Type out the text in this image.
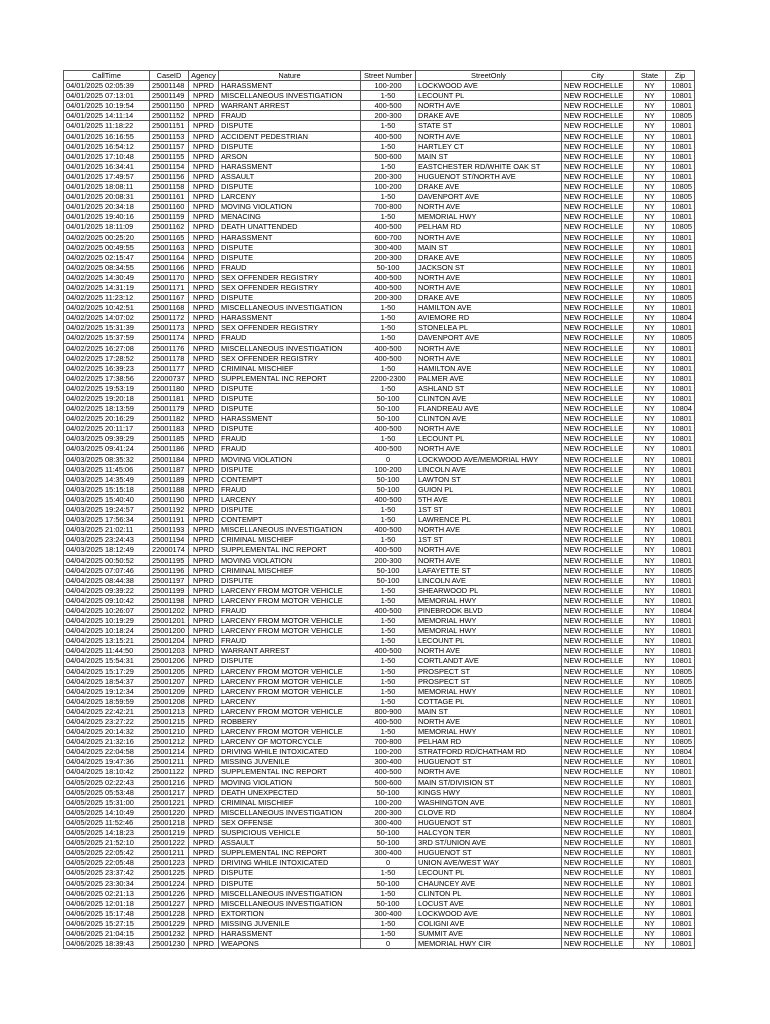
CallTime	CaseID	Agency	Nature	Street Number	StreetOnly	City	State	Zip
04/01/2025 02:05:39	25001148	NPRD	HARASSMENT	100-200	LOCKWOOD AVE	NEW ROCHELLE	NY	10801
04/01/2025 07:13:01	25001149	NPRD	MISCELLANEOUS INVESTIGATION	1-50	LECOUNT PL	NEW ROCHELLE	NY	10801
04/01/2025 10:19:54	25001150	NPRD	WARRANT ARREST	400-500	NORTH AVE	NEW ROCHELLE	NY	10801
04/01/2025 14:11:14	25001152	NPRD	FRAUD	200-300	DRAKE AVE	NEW ROCHELLE	NY	10805
04/01/2025 11:18:22	25001151	NPRD	DISPUTE	1-50	STATE ST	NEW ROCHELLE	NY	10801
04/01/2025 16:16:55	25001153	NPRD	ACCIDENT PEDESTRIAN	400-500	NORTH AVE	NEW ROCHELLE	NY	10801
04/01/2025 16:54:12	25001157	NPRD	DISPUTE	1-50	HARTLEY CT	NEW ROCHELLE	NY	10801
04/01/2025 17:10:48	25001155	NPRD	ARSON	500-600	MAIN ST	NEW ROCHELLE	NY	10801
04/01/2025 16:34:41	25001154	NPRD	HARASSMENT	1-50	EASTCHESTER RD/WHITE OAK ST	NEW ROCHELLE	NY	10801
04/01/2025 17:49:57	25001156	NPRD	ASSAULT	200-300	HUGUENOT ST/NORTH AVE	NEW ROCHELLE	NY	10801
04/01/2025 18:08:11	25001158	NPRD	DISPUTE	100-200	DRAKE AVE	NEW ROCHELLE	NY	10805
04/01/2025 20:08:31	25001161	NPRD	LARCENY	1-50	DAVENPORT AVE	NEW ROCHELLE	NY	10805
04/01/2025 20:34:18	25001160	NPRD	MOVING VIOLATION	700-800	NORTH AVE	NEW ROCHELLE	NY	10801
04/01/2025 19:40:16	25001159	NPRD	MENACING	1-50	MEMORIAL HWY	NEW ROCHELLE	NY	10801
04/01/2025 18:11:09	25001162	NPRD	DEATH UNATTENDED	400-500	PELHAM RD	NEW ROCHELLE	NY	10805
04/02/2025 00:25:20	25001165	NPRD	HARASSMENT	600-700	NORTH AVE	NEW ROCHELLE	NY	10801
04/02/2025 00:49:55	25001163	NPRD	DISPUTE	300-400	MAIN ST	NEW ROCHELLE	NY	10801
04/02/2025 02:15:47	25001164	NPRD	DISPUTE	200-300	DRAKE AVE	NEW ROCHELLE	NY	10805
04/02/2025 08:34:55	25001166	NPRD	FRAUD	50-100	JACKSON ST	NEW ROCHELLE	NY	10801
04/02/2025 14:30:49	25001170	NPRD	SEX OFFENDER REGISTRY	400-500	NORTH AVE	NEW ROCHELLE	NY	10801
04/02/2025 14:31:19	25001171	NPRD	SEX OFFENDER REGISTRY	400-500	NORTH AVE	NEW ROCHELLE	NY	10801
04/02/2025 11:23:12	25001167	NPRD	DISPUTE	200-300	DRAKE AVE	NEW ROCHELLE	NY	10805
04/02/2025 10:42:51	25001168	NPRD	MISCELLANEOUS INVESTIGATION	1-50	HAMILTON AVE	NEW ROCHELLE	NY	10801
04/02/2025 14:07:02	25001172	NPRD	HARASSMENT	1-50	AVIEMORE RD	NEW ROCHELLE	NY	10804
04/02/2025 15:31:39	25001173	NPRD	SEX OFFENDER REGISTRY	1-50	STONELEA PL	NEW ROCHELLE	NY	10801
04/02/2025 15:37:59	25001174	NPRD	FRAUD	1-50	DAVENPORT AVE	NEW ROCHELLE	NY	10805
04/02/2025 16:27:08	25001176	NPRD	MISCELLANEOUS INVESTIGATION	400-500	NORTH AVE	NEW ROCHELLE	NY	10801
04/02/2025 17:28:52	25001178	NPRD	SEX OFFENDER REGISTRY	400-500	NORTH AVE	NEW ROCHELLE	NY	10801
04/02/2025 16:39:23	25001177	NPRD	CRIMINAL MISCHIEF	1-50	HAMILTON AVE	NEW ROCHELLE	NY	10801
04/02/2025 17:38:56	22000737	NPRD	SUPPLEMENTAL INC REPORT	2200-2300	PALMER AVE	NEW ROCHELLE	NY	10801
04/02/2025 19:53:19	25001180	NPRD	DISPUTE	1-50	ASHLAND ST	NEW ROCHELLE	NY	10801
04/02/2025 19:20:18	25001181	NPRD	DISPUTE	50-100	CLINTON AVE	NEW ROCHELLE	NY	10801
04/02/2025 18:13:59	25001179	NPRD	DISPUTE	50-100	FLANDREAU AVE	NEW ROCHELLE	NY	10804
04/02/2025 20:16:29	25001182	NPRD	HARASSMENT	50-100	CLINTON AVE	NEW ROCHELLE	NY	10801
04/02/2025 20:11:17	25001183	NPRD	DISPUTE	400-500	NORTH AVE	NEW ROCHELLE	NY	10801
04/03/2025 09:39:29	25001185	NPRD	FRAUD	1-50	LECOUNT PL	NEW ROCHELLE	NY	10801
04/03/2025 09:41:24	25001186	NPRD	FRAUD	400-500	NORTH AVE	NEW ROCHELLE	NY	10801
04/03/2025 08:35:32	25001184	NPRD	MOVING VIOLATION	0	LOCKWOOD AVE/MEMORIAL HWY	NEW ROCHELLE	NY	10801
04/03/2025 11:45:06	25001187	NPRD	DISPUTE	100-200	LINCOLN AVE	NEW ROCHELLE	NY	10801
04/03/2025 14:35:49	25001189	NPRD	CONTEMPT	50-100	LAWTON ST	NEW ROCHELLE	NY	10801
04/03/2025 15:15:18	25001188	NPRD	FRAUD	50-100	GUION PL	NEW ROCHELLE	NY	10801
04/03/2025 15:40:40	25001190	NPRD	LARCENY	400-500	5TH AVE	NEW ROCHELLE	NY	10801
04/03/2025 19:24:57	25001192	NPRD	DISPUTE	1-50	1ST ST	NEW ROCHELLE	NY	10801
04/03/2025 17:56:34	25001191	NPRD	CONTEMPT	1-50	LAWRENCE PL	NEW ROCHELLE	NY	10801
04/03/2025 21:02:11	25001193	NPRD	MISCELLANEOUS INVESTIGATION	400-500	NORTH AVE	NEW ROCHELLE	NY	10801
04/03/2025 23:24:43	25001194	NPRD	CRIMINAL MISCHIEF	1-50	1ST ST	NEW ROCHELLE	NY	10801
04/03/2025 18:12:49	22000174	NPRD	SUPPLEMENTAL INC REPORT	400-500	NORTH AVE	NEW ROCHELLE	NY	10801
04/04/2025 00:50:52	25001195	NPRD	MOVING VIOLATION	200-300	NORTH AVE	NEW ROCHELLE	NY	10801
04/04/2025 07:07:46	25001196	NPRD	CRIMINAL MISCHIEF	50-100	LAFAYETTE ST	NEW ROCHELLE	NY	10805
04/04/2025 08:44:38	25001197	NPRD	DISPUTE	50-100	LINCOLN AVE	NEW ROCHELLE	NY	10801
04/04/2025 09:39:22	25001199	NPRD	LARCENY FROM MOTOR VEHICLE	1-50	SHEARWOOD PL	NEW ROCHELLE	NY	10801
04/04/2025 09:10:42	25001198	NPRD	LARCENY FROM MOTOR VEHICLE	1-50	MEMORIAL HWY	NEW ROCHELLE	NY	10801
04/04/2025 10:26:07	25001202	NPRD	FRAUD	400-500	PINEBROOK BLVD	NEW ROCHELLE	NY	10804
04/04/2025 10:19:29	25001201	NPRD	LARCENY FROM MOTOR VEHICLE	1-50	MEMORIAL HWY	NEW ROCHELLE	NY	10801
04/04/2025 10:18:24	25001200	NPRD	LARCENY FROM MOTOR VEHICLE	1-50	MEMORIAL HWY	NEW ROCHELLE	NY	10801
04/04/2025 13:15:21	25001204	NPRD	FRAUD	1-50	LECOUNT PL	NEW ROCHELLE	NY	10801
04/04/2025 11:44:50	25001203	NPRD	WARRANT ARREST	400-500	NORTH AVE	NEW ROCHELLE	NY	10801
04/04/2025 15:54:31	25001206	NPRD	DISPUTE	1-50	CORTLANDT AVE	NEW ROCHELLE	NY	10801
04/04/2025 15:17:29	25001205	NPRD	LARCENY FROM MOTOR VEHICLE	1-50	PROSPECT ST	NEW ROCHELLE	NY	10805
04/04/2025 18:54:37	25001207	NPRD	LARCENY FROM MOTOR VEHICLE	1-50	PROSPECT ST	NEW ROCHELLE	NY	10805
04/04/2025 19:12:34	25001209	NPRD	LARCENY FROM MOTOR VEHICLE	1-50	MEMORIAL HWY	NEW ROCHELLE	NY	10801
04/04/2025 18:59:59	25001208	NPRD	LARCENY	1-50	COTTAGE PL	NEW ROCHELLE	NY	10801
04/04/2025 22:42:21	25001213	NPRD	LARCENY FROM MOTOR VEHICLE	800-900	MAIN ST	NEW ROCHELLE	NY	10801
04/04/2025 23:27:22	25001215	NPRD	ROBBERY	400-500	NORTH AVE	NEW ROCHELLE	NY	10801
04/04/2025 20:14:32	25001210	NPRD	LARCENY FROM MOTOR VEHICLE	1-50	MEMORIAL HWY	NEW ROCHELLE	NY	10801
04/04/2025 21:32:16	25001212	NPRD	LARCENY OF MOTORCYCLE	700-800	PELHAM RD	NEW ROCHELLE	NY	10805
04/04/2025 22:04:58	25001214	NPRD	DRIVING WHILE INTOXICATED	100-200	STRATFORD RD/CHATHAM RD	NEW ROCHELLE	NY	10804
04/04/2025 19:47:36	25001211	NPRD	MISSING JUVENILE	300-400	HUGUENOT ST	NEW ROCHELLE	NY	10801
04/04/2025 18:10:42	25001122	NPRD	SUPPLEMENTAL INC REPORT	400-500	NORTH AVE	NEW ROCHELLE	NY	10801
04/05/2025 02:22:43	25001216	NPRD	MOVING VIOLATION	500-600	MAIN ST/DIVISION ST	NEW ROCHELLE	NY	10801
04/05/2025 05:53:48	25001217	NPRD	DEATH UNEXPECTED	50-100	KINGS HWY	NEW ROCHELLE	NY	10801
04/05/2025 15:31:00	25001221	NPRD	CRIMINAL MISCHIEF	100-200	WASHINGTON AVE	NEW ROCHELLE	NY	10801
04/05/2025 14:10:49	25001220	NPRD	MISCELLANEOUS INVESTIGATION	200-300	CLOVE RD	NEW ROCHELLE	NY	10804
04/05/2025 11:52:46	25001218	NPRD	SEX OFFENSE	300-400	HUGUENOT ST	NEW ROCHELLE	NY	10801
04/05/2025 14:18:23	25001219	NPRD	SUSPICIOUS VEHICLE	50-100	HALCYON TER	NEW ROCHELLE	NY	10801
04/05/2025 21:52:10	25001222	NPRD	ASSAULT	50-100	3RD ST/UNION AVE	NEW ROCHELLE	NY	10801
04/05/2025 22:05:42	25001211	NPRD	SUPPLEMENTAL INC REPORT	300-400	HUGUENOT ST	NEW ROCHELLE	NY	10801
04/05/2025 22:05:48	25001223	NPRD	DRIVING WHILE INTOXICATED	0	UNION AVE/WEST WAY	NEW ROCHELLE	NY	10801
04/05/2025 23:37:42	25001225	NPRD	DISPUTE	1-50	LECOUNT PL	NEW ROCHELLE	NY	10801
04/05/2025 23:30:34	25001224	NPRD	DISPUTE	50-100	CHAUNCEY AVE	NEW ROCHELLE	NY	10801
04/06/2025 02:21:13	25001226	NPRD	MISCELLANEOUS INVESTIGATION	1-50	CLINTON PL	NEW ROCHELLE	NY	10801
04/06/2025 12:01:18	25001227	NPRD	MISCELLANEOUS INVESTIGATION	50-100	LOCUST AVE	NEW ROCHELLE	NY	10801
04/06/2025 15:17:48	25001228	NPRD	EXTORTION	300-400	LOCKWOOD AVE	NEW ROCHELLE	NY	10801
04/06/2025 15:27:15	25001229	NPRD	MISSING JUVENILE	1-50	COLIGNI AVE	NEW ROCHELLE	NY	10801
04/06/2025 21:04:15	25001232	NPRD	HARASSMENT	1-50	SUMMIT AVE	NEW ROCHELLE	NY	10801
04/06/2025 18:39:43	25001230	NPRD	WEAPONS	0	MEMORIAL HWY CIR	NEW ROCHELLE	NY	10801
